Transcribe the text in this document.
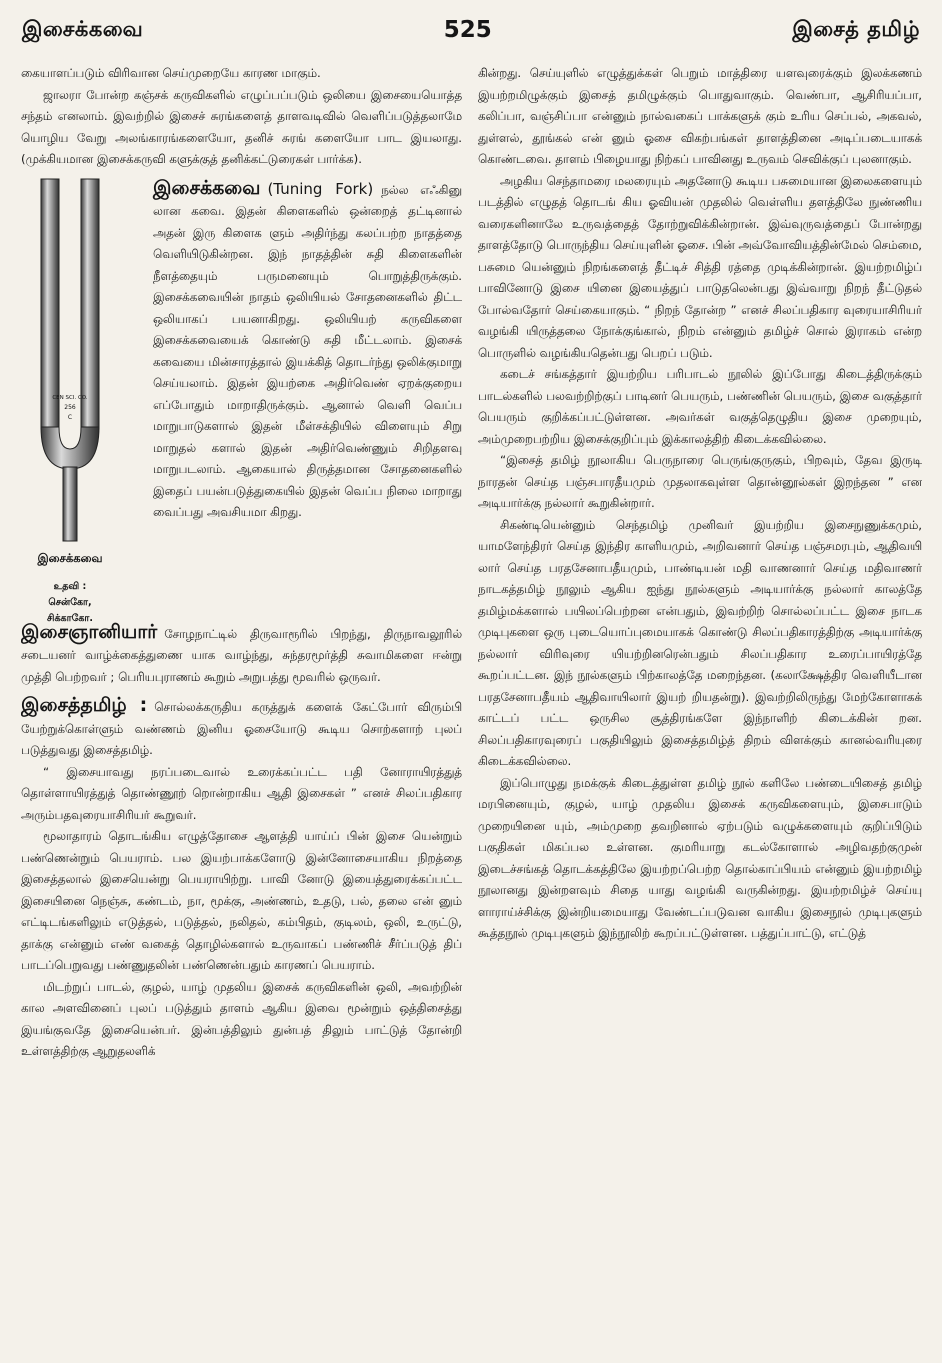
இசைக்கவை	525	இசைத் தமிழ்

கையாளப்படும் விரிவான செய்முறையே காரண மாகும்.

ஜாலரா போன்ற கஞ்சக் கருவிகளில் எழுப்பப்படும் ஒலியை இசையையொத்த சந்தம் எனலாம். இவற்றில் இசைச் சுரங்களைத் தாளவடிவில் வெளிப்படுத்தலாமே யொழிய வேறு அலங்காரங்களையோ, தனிச் சுரங் களையோ பாட இயலாது. (முக்கியமான இசைக்கருவி களுக்குத் தனிக்கட்டுரைகள் பார்க்க).

CEN SCI. CO.
256
C
இசைக்கவை
உதவி :
சென்கோ,
சிக்காகோ.

இசைக்கவை (Tuning Fork) நல்ல எஃகினு லான கவை. இதன் கிளைகளில் ஒன்றைத் தட்டினால் அதன் இரு கிளைக ளும் அதிர்ந்து கலப்பற்ற நாதத்தை வெளியிடுகின்றன. இந் நாதத்தின் சுதி கிளைகளின் நீளத்தையும் பருமனையும் பொறுத்திருக்கும். இசைக்கவையின் நாதம் ஒலியியல் சோதனைகளில் திட்ட ஒலியாகப் பயனாகிறது. ஒலியியற் கருவிகளை இசைக்கவையைக் கொண்டு சுதி மீட்டலாம். இசைக் கவையை மின்சாரத்தால் இயக்கித் தொடர்ந்து ஒலிக்குமாறு செய்யலாம். இதன் இயற்கை அதிர்வெண் ஏறக்குறைய எப்போதும் மாறாதிருக்கும். ஆனால் வெளி வெப்ப மாறுபாடுகளால் இதன் மீள்சக்தியில் விளையும் சிறு மாறுதல் களால் இதன் அதிர்வெண்ணும் சிறிதளவு மாறுபடலாம். ஆகையால் திருத்தமான சோதனைகளில் இதைப் பயன்படுத்துகையில் இதன் வெப்ப நிலை மாறாது வைப்பது அவசியமா கிறது.

இசைஞானியார் சோழநாட்டில் திருவாரூரில் பிறந்து, திருநாவலூரில் சடையனர் வாழ்க்கைத்துணை யாக வாழ்ந்து, சுந்தரமூர்த்தி சுவாமிகளை ஈன்று முத்தி பெற்றவர் ; பெரியபுராணம் கூறும் அறுபத்து மூவரில் ஒருவர்.

இசைத்தமிழ் : சொல்லக்கருதிய கருத்துக் களைக் கேட்போர் விரும்பி யேற்றுக்கொள்ளும் வண்ணம் இனிய ஓசையோடு கூடிய சொற்களாற் புலப் படுத்துவது இசைத்தமிழ்.

“ இசையாவது நரப்படைவால் உரைக்கப்பட்ட பதி னோராயிரத்துத் தொள்ளாயிரத்துத் தொண்ணூற் றொன்றாகிய ஆதி இசைகள் ” எனச் சிலப்பதிகார அரும்பதவுரையாசிரியர் கூறுவர்.

மூலாதாரம் தொடங்கிய எழுத்தோசை ஆளத்தி யாய்ப் பின் இசை யென்றும் பண்ணென்றும் பெயராம். பல இயற்பாக்களோடு இன்னோசையாகிய நிறத்தை இசைத்தலால் இசையென்று பெயராயிற்று. பாவி னோடு இயைத்துரைக்கப்பட்ட இசையினை நெஞ்சு, கண்டம், நா, மூக்கு, அண்ணம், உதடு, பல், தலை என் னும் எட்டிடங்களிலும் எடுத்தல், படுத்தல், நலிதல், கம்பிதம், குடிலம், ஒலி, உருட்டு, தாக்கு என்னும் எண் வகைத் தொழில்களால் உருவாகப் பண்ணிச் சீர்ப்படுத் திப் பாடப்பெறுவது பண்ணுதலின் பண்ணென்பதும் காரணப் பெயராம்.

மிடற்றுப் பாடல், குழல், யாழ் முதலிய இசைக் கருவிகளின் ஒலி, அவற்றின் கால அளவினைப் புலப் படுத்தும் தாளம் ஆகிய இவை மூன்றும் ஒத்திசைத்து இயங்குவதே இசையென்பர். இன்பத்திலும் துன்பத் திலும் பாட்டுத் தோன்றி உள்ளத்திற்கு ஆறுதலளிக்

கின்றது. செய்யுளில் எழுத்துக்கள் பெறும் மாத்திரை யளவுரைக்கும் இலக்கணம் இயற்றமிழுக்கும் இசைத் தமிழுக்கும் பொதுவாகும். வெண்பா, ஆசிரியப்பா, கலிப்பா, வஞ்சிப்பா என்னும் நால்வகைப் பாக்களுக் கும் உரிய செப்பல், அகவல், துள்ளல், தூங்கல் என் னும் ஓசை விகற்பங்கள் தாளத்தினை அடிப்படையாகக் கொண்டவை. தாளம் பிழையாது நிற்கப் பாவினது உருவம் செவிக்குப் புலனாகும்.

அழகிய செந்தாமரை மலரையும் அதனோடு கூடிய பசுமையான இலைகளையும் படத்தில் எழுதத் தொடங் கிய ஓவியன் முதலில் வெள்ளிய தளத்திலே நுண்ணிய வரைகளினாலே உருவத்தைத் தோற்றுவிக்கின்றான். இவ்வுருவத்தைப் போன்றது தாளத்தோடு பொருந்திய செய்யுளின் ஓசை. பின் அவ்வோவியத்தின்மேல் செம்மை, பசுமை யென்னும் நிறங்களைத் தீட்டிச் சித்தி ரத்தை முடிக்கின்றான். இயற்றமிழ்ப் பாவினோடு இசை யினை இயைத்துப் பாடுதலென்பது இவ்வாறு நிறந் தீட்டுதல் போல்வதோர் செய்கையாகும். “ நிறந் தோன்ற ” எனச் சிலப்பதிகார வுரையாசிரியர் வழங்கி யிருத்தலை நோக்குங்கால், நிறம் என்னும் தமிழ்ச் சொல் இராகம் என்ற பொருளில் வழங்கியதென்பது பெறப் படும்.

கடைச் சங்கத்தார் இயற்றிய பரிபாடல் நூலில் இப்போது கிடைத்திருக்கும் பாடல்களில் பலவற்றிற்குப் பாடினர் பெயரும், பண்ணின் பெயரும், இசை வகுத்தார் பெயரும் குறிக்கப்பட்டுள்ளன. அவர்கள் வகுத்தெழுதிய இசை முறையும், அம்முறைபற்றிய இசைக்குறிப்பும் இக்காலத்திற் கிடைக்கவில்லை.

“இசைத் தமிழ் நூலாகிய பெருநாரை பெருங்குருகும், பிறவும், தேவ இருடி நாரதன் செய்த பஞ்சபாரதீயமும் முதலாகவுள்ள தொன்னூல்கள் இறந்தன ” என அடியார்க்கு நல்லார் கூறுகின்றார்.

சிகண்டியென்னும் செந்தமிழ் முனிவர் இயற்றிய இசைநுணுக்கமும், யாமளேந்திரர் செய்த இந்திர காளியமும், அறிவனார் செய்த பஞ்சமரபும், ஆதிவயி லார் செய்த பரதசேனாபதீயமும், பாண்டியன் மதி வாணனார் செய்த மதிவாணர் நாடகத்தமிழ் நூலும் ஆகிய ஐந்து நூல்களும் அடியார்க்கு நல்லார் காலத்தே தமிழ்மக்களால் பயிலப்பெற்றன என்பதும், இவற்றிற் சொல்லப்பட்ட இசை நாடக முடிபுகளை ஒரு புடையொப்புமையாகக் கொண்டு சிலப்பதிகாரத்திற்கு அடியார்க்கு நல்லார் விரிவுரை யியற்றினரென்பதும் சிலப்பதிகார உரைப்பாயிரத்தே கூறப்பட்டன. இந் நூல்களும் பிற்காலத்தே மறைந்தன. (கலாக்ஷேத்திர வெளியீடான பரதசேனாபதீயம் ஆதிவாயிலார் இயற் றியதன்று). இவற்றிலிருந்து மேற்கோளாகக் காட்டப் பட்ட ஒருசில சூத்திரங்களே இந்நாளிற் கிடைக்கின் றன. சிலப்பதிகாரவுரைப் பகுதியிலும் இசைத்தமிழ்த் திறம் விளக்கும் கானல்வரியுரை கிடைக்கவில்லை.

இப்பொழுது நமக்குக் கிடைத்துள்ள தமிழ் நூல் களிலே பண்டையிசைத் தமிழ் மரபினையும், குழல், யாழ் முதலிய இசைக் கருவிகளையும், இசைபாடும் முறையினை யும், அம்முறை தவறினால் ஏற்படும் வழுக்களையும் குறிப்பிடும் பகுதிகள் மிகப்பல உள்ளன. குமரியாறு கடல்கோளால் அழிவதற்குமுன் இடைச்சங்கத் தொடக்கத்திலே இயற்றப்பெற்ற தொல்காப்பியம் என்னும் இயற்றமிழ் நூலானது இன்றளவும் சிதை யாது வழங்கி வருகின்றது. இயற்றமிழ்ச் செய்யு ளாராய்ச்சிக்கு இன்றியமையாது வேண்டப்படுவன வாகிய இசைநூல் முடிபுகளும் கூத்தநூல் முடிபுகளும் இந்நூலிற் கூறப்பட்டுள்ளன. பத்துப்பாட்டு, எட்டுத்
